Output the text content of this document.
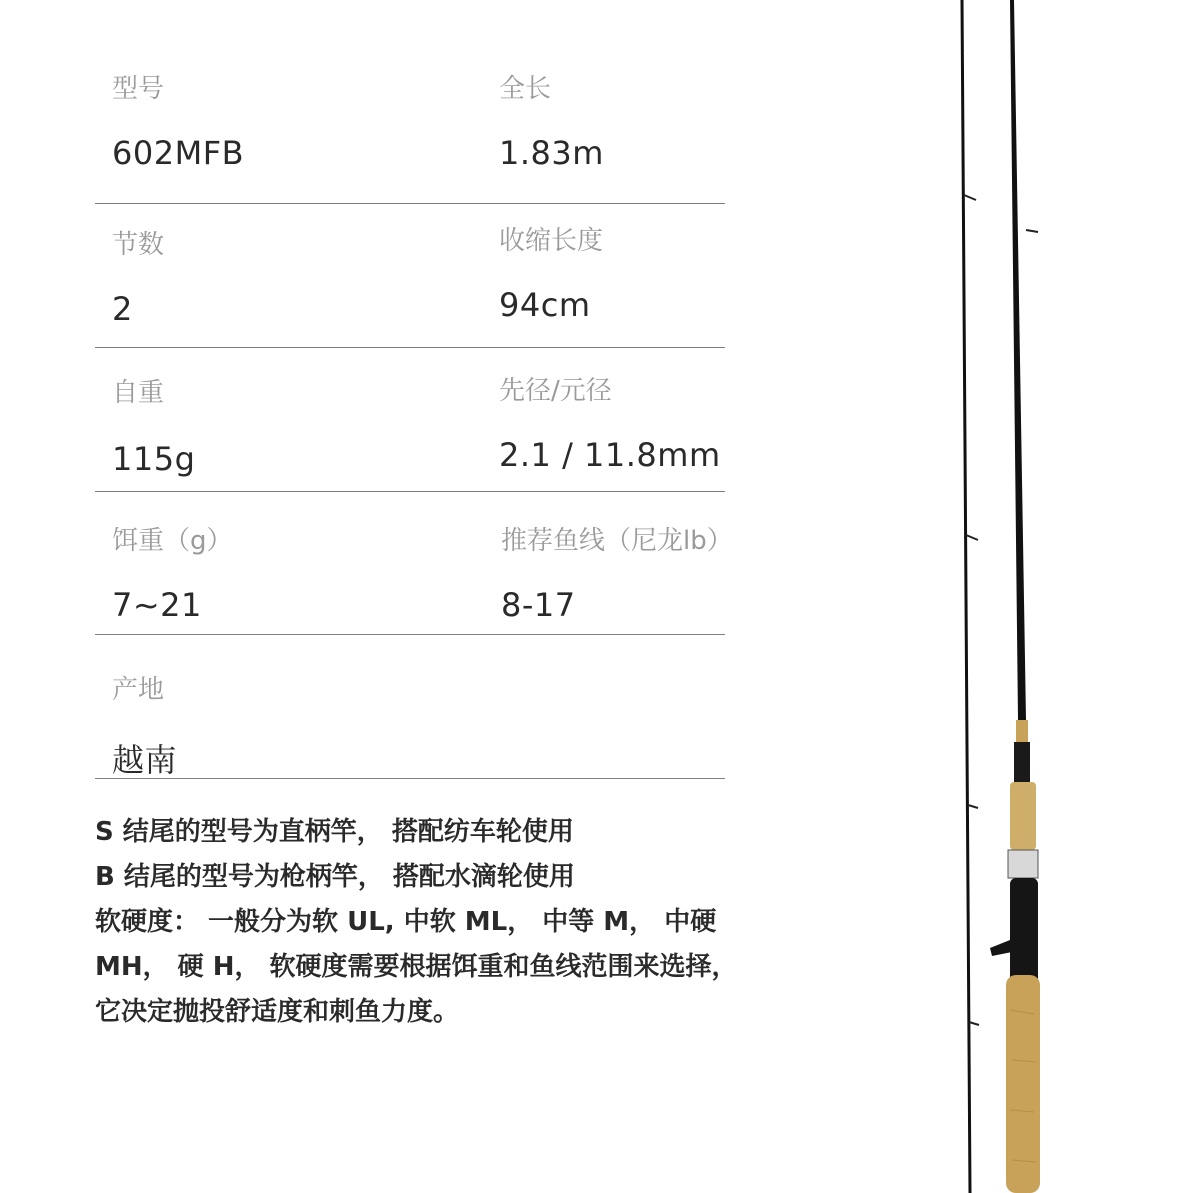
型号
602MFB
全长
1.83m
节数
2
收缩长度
94cm
自重
115g
先径/元径
2.1 / 11.8mm
饵重（g）
7~21
推荐鱼线（尼龙lb）
8-17
产地
越南

S 结尾的型号为直柄竿， 搭配纺车轮使用

B 结尾的型号为枪柄竿， 搭配水滴轮使用

软硬度： 一般分为软 UL, 中软 ML， 中等 M， 中硬

MH， 硬 H， 软硬度需要根据饵重和鱼线范围来选择，

它决定抛投舒适度和刺鱼力度。
